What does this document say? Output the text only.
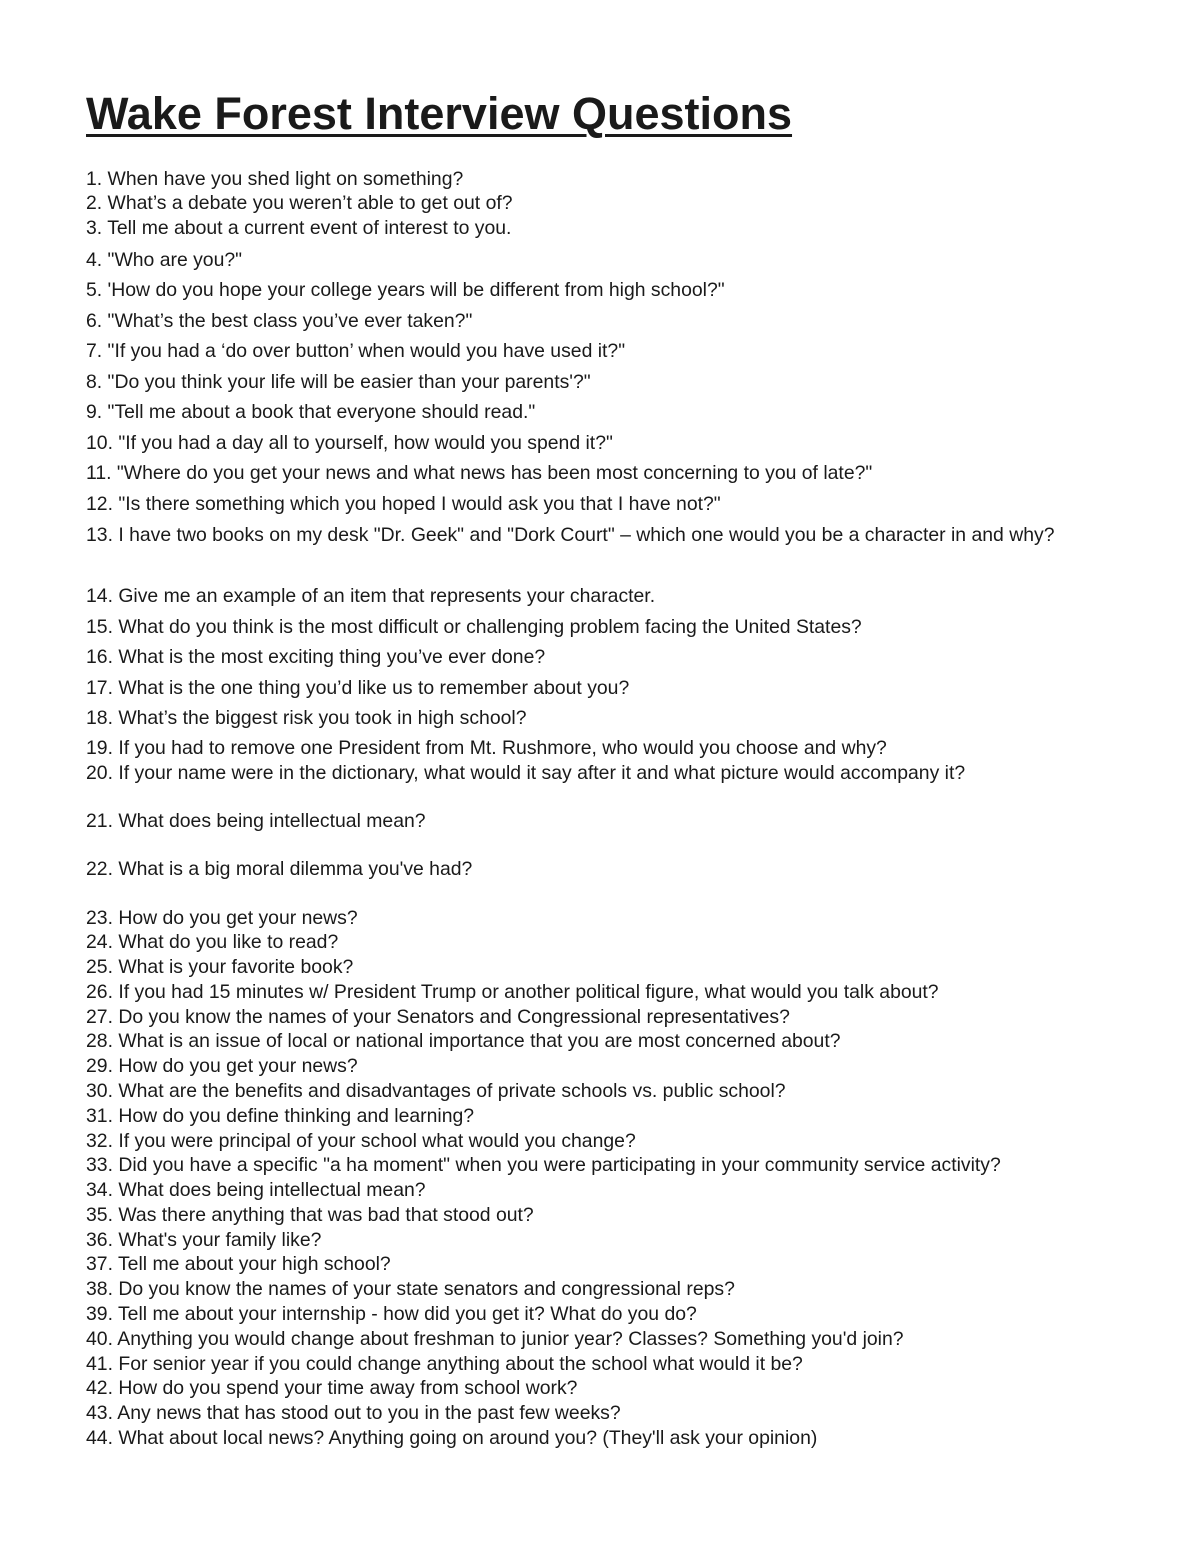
Wake Forest Interview Questions
1. When have you shed light on something?
2. What’s a debate you weren’t able to get out of?
3. Tell me about a current event of interest to you.
4. "Who are you?"
5. 'How do you hope your college years will be different from high school?"
6. "What’s the best class you’ve ever taken?"
7. "If you had a ‘do over button’ when would you have used it?"
8. "Do you think your life will be easier than your parents'?"
9. "Tell me about a book that everyone should read."
10. "If you had a day all to yourself, how would you spend it?"
11. "Where do you get your news and what news has been most concerning to you of late?"
12. "Is there something which you hoped I would ask you that I have not?"
13. I have two books on my desk "Dr. Geek" and "Dork Court" – which one would you be a character in and why?
14. Give me an example of an item that represents your character.
15. What do you think is the most difficult or challenging problem facing the United States?
16. What is the most exciting thing you’ve ever done?
17. What is the one thing you’d like us to remember about you?
18. What’s the biggest risk you took in high school?
19. If you had to remove one President from Mt. Rushmore, who would you choose and why?
20. If your name were in the dictionary, what would it say after it and what picture would accompany it?
21. What does being intellectual mean?
22. What is a big moral dilemma you've had?
23. How do you get your news?
24. What do you like to read?
25. What is your favorite book?
26. If you had 15 minutes w/ President Trump or another political figure, what would you talk about?
27. Do you know the names of your Senators and Congressional representatives?
28. What is an issue of local or national importance that you are most concerned about?
29. How do you get your news?
30. What are the benefits and disadvantages of private schools vs. public school?
31. How do you define thinking and learning?
32. If you were principal of your school what would you change?
33. Did you have a specific "a ha moment" when you were participating in your community service activity?
34. What does being intellectual mean?
35. Was there anything that was bad that stood out?
36. What's your family like?
37. Tell me about your high school?
38. Do you know the names of your state senators and congressional reps?
39. Tell me about your internship - how did you get it? What do you do?
40. Anything you would change about freshman to junior year? Classes? Something you'd join?
41. For senior year if you could change anything about the school what would it be?
42. How do you spend your time away from school work?
43. Any news that has stood out to you in the past few weeks?
44. What about local news? Anything going on around you? (They'll ask your opinion)
